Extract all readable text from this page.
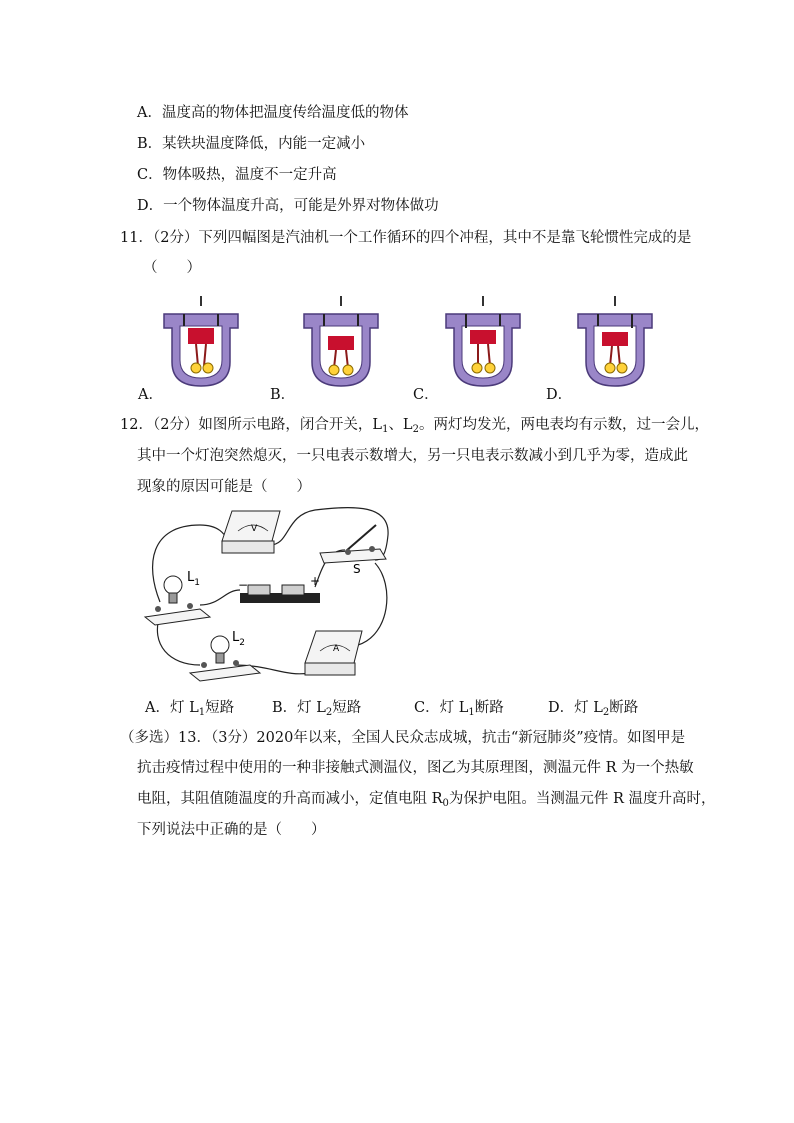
A．温度高的物体把温度传给温度低的物体
B．某铁块温度降低，内能一定减小
C．物体吸热，温度不一定升高
D．一个物体温度升高，可能是外界对物体做功
11．（2分）下列四幅图是汽油机一个工作循环的四个冲程，其中不是靠飞轮惯性完成的是
（　　）
A．	B．	C．	D．
12．（2分）如图所示电路，闭合开关，$L_1$、$L_2$。两灯均发光，两电表均有示数，过一会儿，
其中一个灯泡突然熄灭，一只电表示数增大，另一只电表示数减小到几乎为零，造成此
现象的原因可能是（　　）
V
S
−	+
$L_1$
$L_2$
A
A．灯 $L_1$短路	B．灯 $L_2$短路	C．灯 $L_1$断路	D．灯 $L_2$断路
（多选）13．（3分）2020年以来，全国人民众志成城，抗击“新冠肺炎”疫情。如图甲是
抗击疫情过程中使用的一种非接触式测温仪，图乙为其原理图，测温元件 R 为一个热敏
电阻，其阻值随温度的升高而减小，定值电阻 $R_0$为保护电阻。当测温元件 R 温度升高时，
下列说法中正确的是（　　）
